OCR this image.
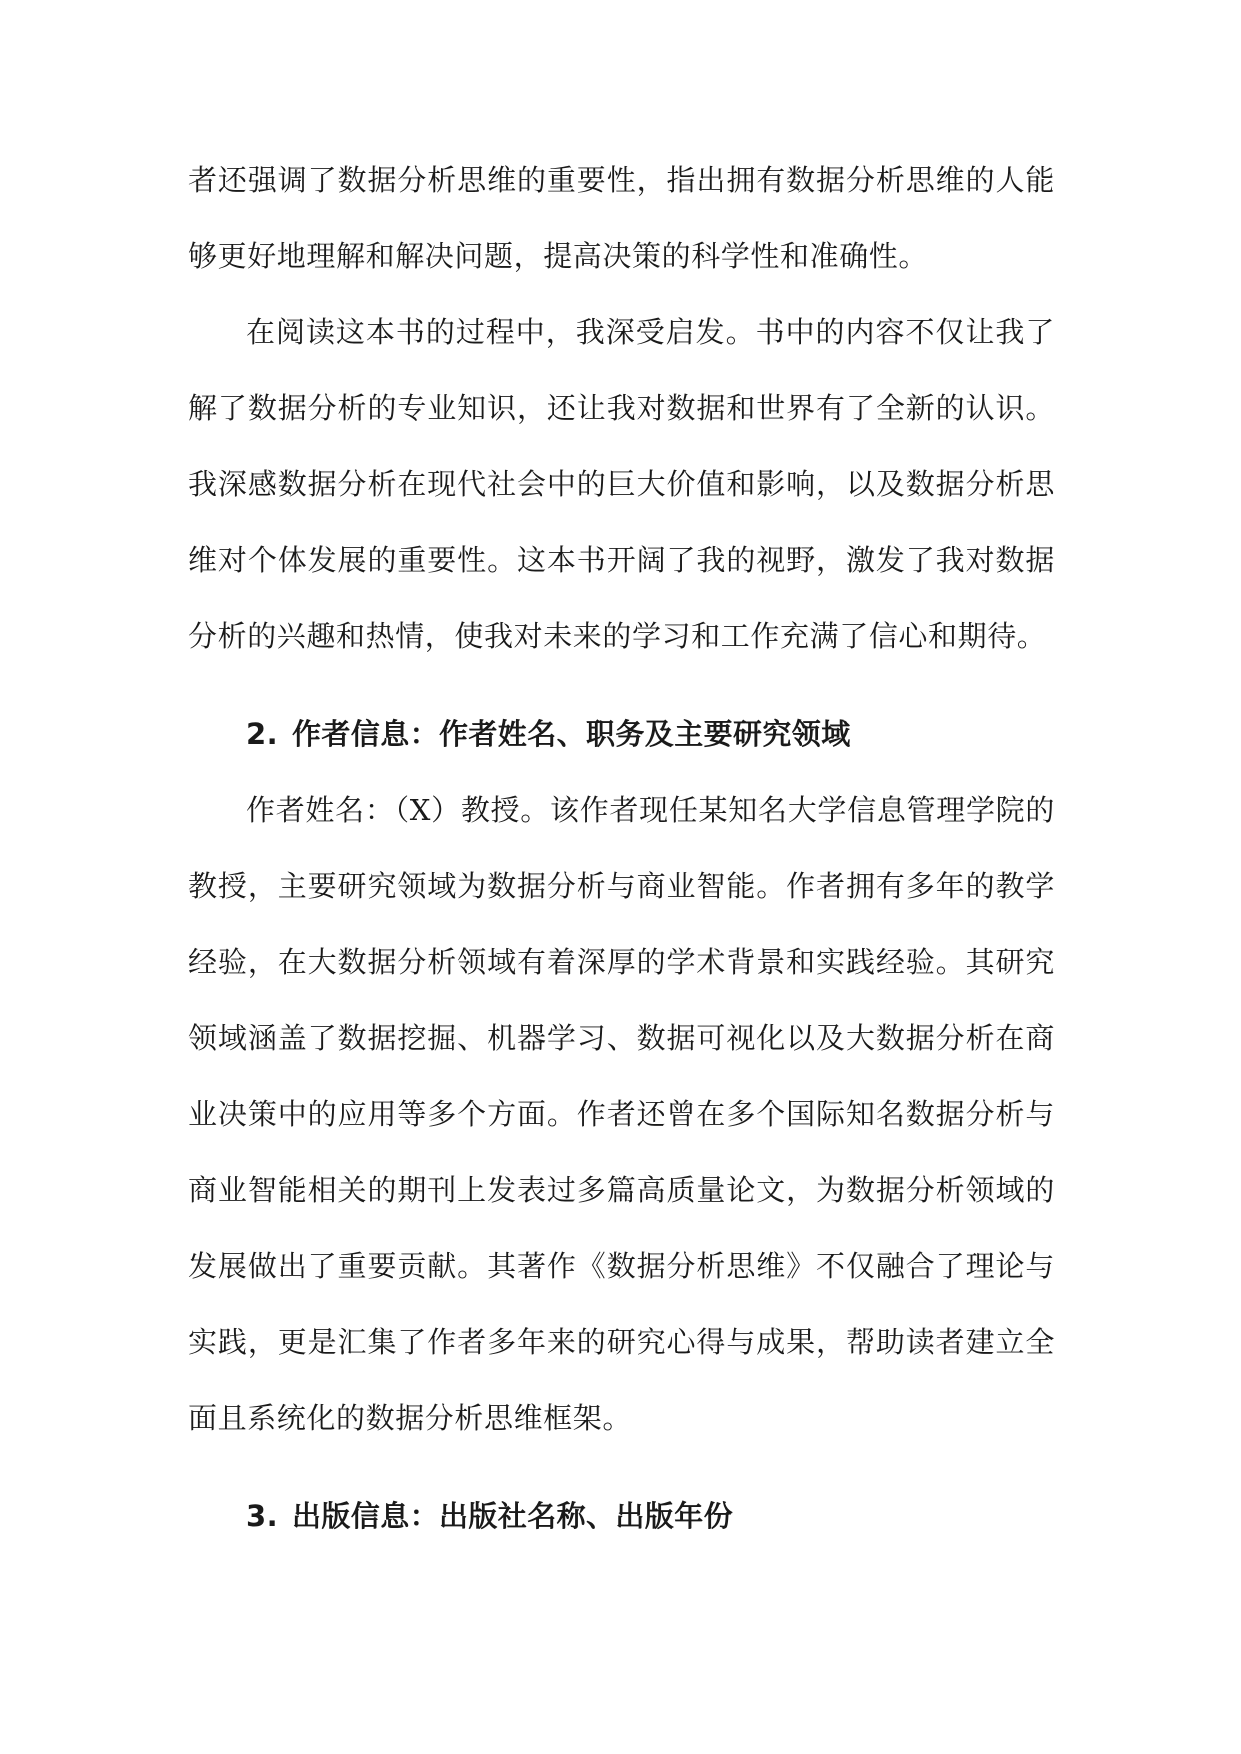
者还强调了数据分析思维的重要性，指出拥有数据分析思维的人能够更好地理解和解决问题，提高决策的科学性和准确性。

在阅读这本书的过程中，我深受启发。书中的内容不仅让我了解了数据分析的专业知识，还让我对数据和世界有了全新的认识。我深感数据分析在现代社会中的巨大价值和影响，以及数据分析思维对个体发展的重要性。这本书开阔了我的视野，激发了我对数据分析的兴趣和热情，使我对未来的学习和工作充满了信心和期待。

2. 作者信息：作者姓名、职务及主要研究领域

作者姓名：（X）教授。该作者现任某知名大学信息管理学院的教授，主要研究领域为数据分析与商业智能。作者拥有多年的教学经验，在大数据分析领域有着深厚的学术背景和实践经验。其研究领域涵盖了数据挖掘、机器学习、数据可视化以及大数据分析在商业决策中的应用等多个方面。作者还曾在多个国际知名数据分析与商业智能相关的期刊上发表过多篇高质量论文，为数据分析领域的发展做出了重要贡献。其著作《数据分析思维》不仅融合了理论与实践，更是汇集了作者多年来的研究心得与成果，帮助读者建立全面且系统化的数据分析思维框架。

3. 出版信息：出版社名称、出版年份
